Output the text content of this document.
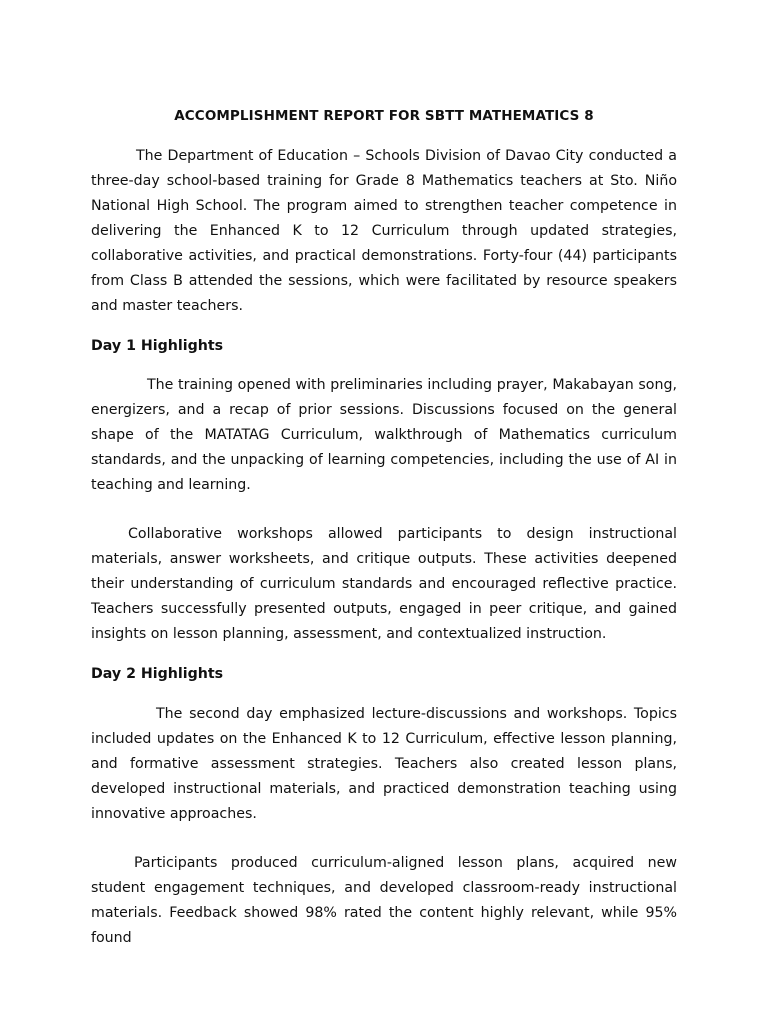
ACCOMPLISHMENT REPORT FOR SBTT MATHEMATICS 8

The Department of Education – Schools Division of Davao City conducted a three-day school-based training for Grade 8 Mathematics teachers at Sto. Niño National High School. The program aimed to strengthen teacher competence in delivering the Enhanced K to 12 Curriculum through updated strategies, collaborative activities, and practical demonstrations. Forty-four (44) participants from Class B attended the sessions, which were facilitated by resource speakers and master teachers.

Day 1 Highlights

The training opened with preliminaries including prayer, Makabayan song, energizers, and a recap of prior sessions. Discussions focused on the general shape of the MATATAG Curriculum, walkthrough of Mathematics curriculum standards, and the unpacking of learning competencies, including the use of AI in teaching and learning.

Collaborative workshops allowed participants to design instructional materials, answer worksheets, and critique outputs. These activities deepened their understanding of curriculum standards and encouraged reflective practice. Teachers successfully presented outputs, engaged in peer critique, and gained insights on lesson planning, assessment, and contextualized instruction.

Day 2 Highlights

The second day emphasized lecture-discussions and workshops. Topics included updates on the Enhanced K to 12 Curriculum, effective lesson planning, and formative assessment strategies. Teachers also created lesson plans, developed instructional materials, and practiced demonstration teaching using innovative approaches.

Participants produced curriculum-aligned lesson plans, acquired new student engagement techniques, and developed classroom-ready instructional materials. Feedback showed 98% rated the content highly relevant, while 95% found
